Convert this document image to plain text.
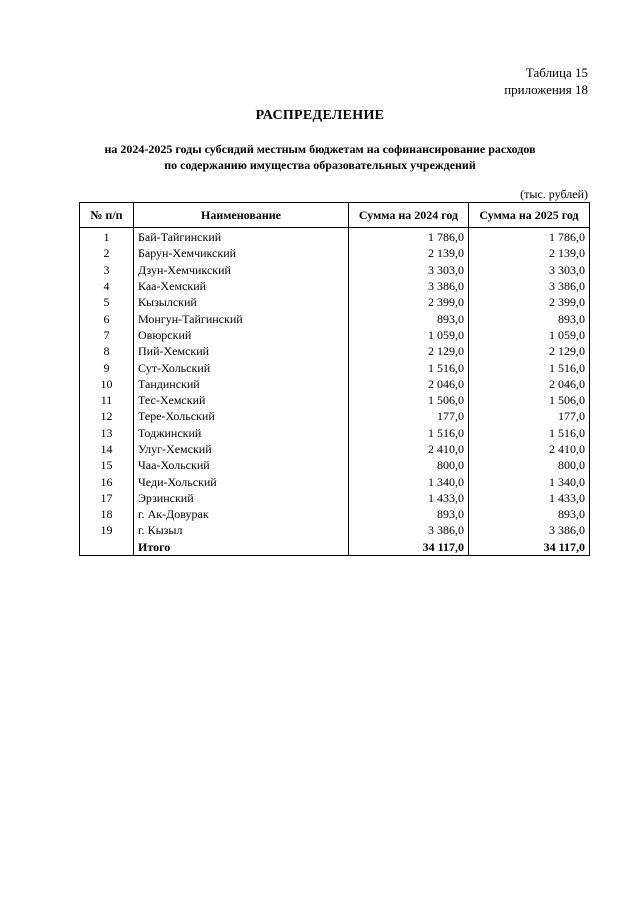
Таблица 15
приложения 18
РАСПРЕДЕЛЕНИЕ
на 2024-2025 годы субсидий местным бюджетам на софинансирование расходов
по содержанию имущества образовательных учреждений
(тыс. рублей)
№ п/п	Наименование	Сумма на 2024 год	Сумма на 2025 год
1	Бай-Тайгинский	1 786,0	1 786,0
2	Барун-Хемчикский	2 139,0	2 139,0
3	Дзун-Хемчикский	3 303,0	3 303,0
4	Каа-Хемский	3 386,0	3 386,0
5	Кызылский	2 399,0	2 399,0
6	Монгун-Тайгинский	893,0	893,0
7	Овюрский	1 059,0	1 059,0
8	Пий-Хемский	2 129,0	2 129,0
9	Сут-Хольский	1 516,0	1 516,0
10	Тандинский	2 046,0	2 046,0
11	Тес-Хемский	1 506,0	1 506,0
12	Тере-Хольский	177,0	177,0
13	Тоджинский	1 516,0	1 516,0
14	Улуг-Хемский	2 410,0	2 410,0
15	Чаа-Хольский	800,0	800,0
16	Чеди-Хольский	1 340,0	1 340,0
17	Эрзинский	1 433,0	1 433,0
18	г. Ак-Довурак	893,0	893,0
19	г. Кызыл	3 386,0	3 386,0
	Итого	34 117,0	34 117,0
